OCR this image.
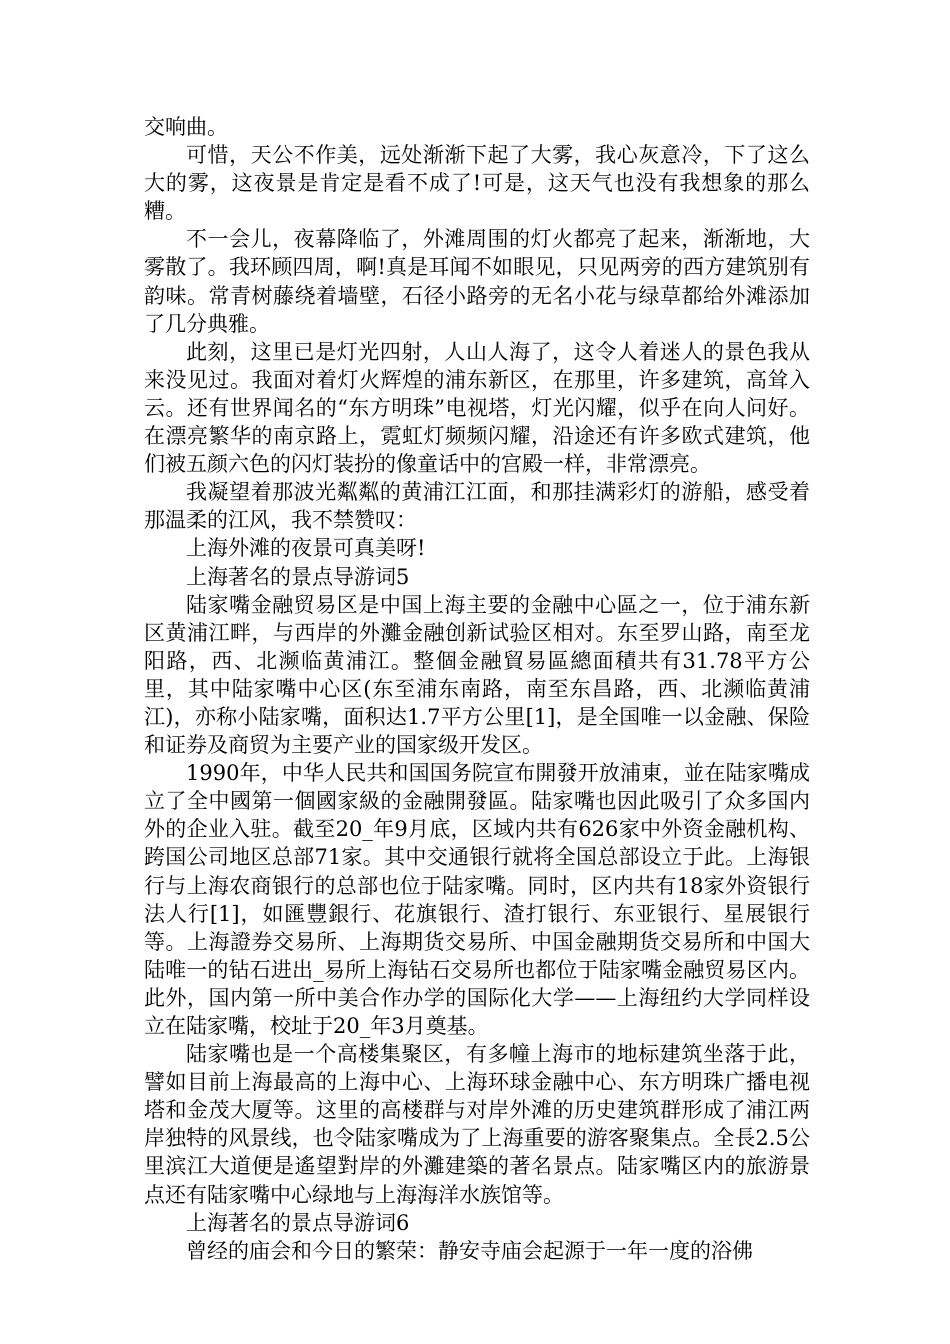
交响曲。

可惜，天公不作美，远处渐渐下起了大雾，我心灰意冷，下了这么大的雾，这夜景是肯定是看不成了!可是，这天气也没有我想象的那么糟。

不一会儿，夜幕降临了，外滩周围的灯火都亮了起来，渐渐地，大雾散了。我环顾四周，啊!真是耳闻不如眼见，只见两旁的西方建筑别有韵味。常青树藤绕着墙壁，石径小路旁的无名小花与绿草都给外滩添加了几分典雅。

此刻，这里已是灯光四射，人山人海了，这令人着迷人的景色我从来没见过。我面对着灯火辉煌的浦东新区，在那里，许多建筑，高耸入云。还有世界闻名的“东方明珠”电视塔，灯光闪耀，似乎在向人问好。在漂亮繁华的南京路上，霓虹灯频频闪耀，沿途还有许多欧式建筑，他们被五颜六色的闪灯装扮的像童话中的宫殿一样，非常漂亮。

我凝望着那波光粼粼的黄浦江江面，和那挂满彩灯的游船，感受着那温柔的江风，我不禁赞叹：

上海外滩的夜景可真美呀!

上海著名的景点导游词5

陆家嘴金融贸易区是中国上海主要的金融中心區之一，位于浦东新区黄浦江畔，与西岸的外灘金融创新试验区相对。东至罗山路，南至龙阳路，西、北濒临黄浦江。整個金融貿易區總面積共有31.78平方公里，其中陆家嘴中心区(东至浦东南路，南至东昌路，西、北濒临黄浦江)，亦称小陆家嘴，面积达1.7平方公里[1]，是全国唯一以金融、保险和证券及商贸为主要产业的国家级开发区。

1990年，中华人民共和国国务院宣布開發开放浦東，並在陆家嘴成立了全中國第一個國家級的金融開發區。陆家嘴也因此吸引了众多国内外的企业入驻。截至20_年9月底，区域内共有626家中外资金融机构、跨国公司地区总部71家。其中交通银行就将全国总部设立于此。上海银行与上海农商银行的总部也位于陆家嘴。同时，区内共有18家外资银行法人行[1]，如匯豐銀行、花旗银行、渣打银行、东亚银行、星展银行等。上海證券交易所、上海期货交易所、中国金融期货交易所和中国大陆唯一的钻石进出_易所上海钻石交易所也都位于陆家嘴金融贸易区内。此外，国内第一所中美合作办学的国际化大学——上海纽约大学同样设立在陆家嘴，校址于20_年3月奠基。

陆家嘴也是一个高楼集聚区，有多幢上海市的地标建筑坐落于此，譬如目前上海最高的上海中心、上海环球金融中心、东方明珠广播电视塔和金茂大厦等。这里的高楼群与对岸外滩的历史建筑群形成了浦江两岸独特的风景线，也令陆家嘴成为了上海重要的游客聚集点。全長2.5公里滨江大道便是遙望對岸的外灘建築的著名景点。陆家嘴区内的旅游景点还有陆家嘴中心绿地与上海海洋水族馆等。

上海著名的景点导游词6

曾经的庙会和今日的繁荣：静安寺庙会起源于一年一度的浴佛
